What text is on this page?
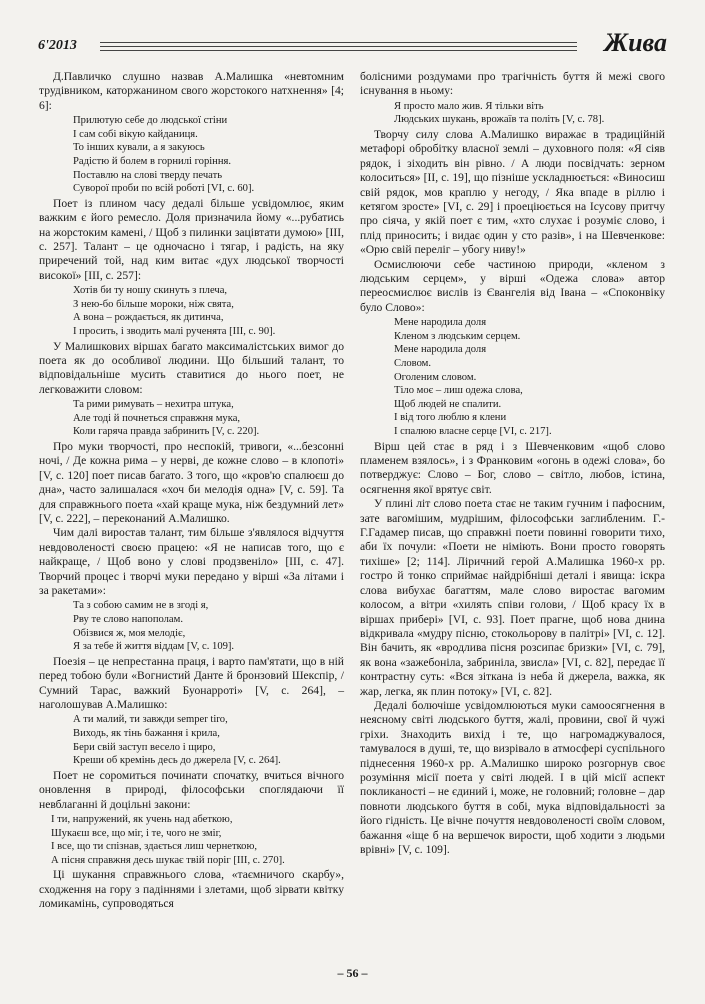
6'2013	Жива

Д.Павличко слушно назвав А.Малишка «невтомним трудівником, каторжанином свого жорстокого натхнення» [4; 6]:

Прилютую себе до людської стіни
І сам собі вікую кайданиця.
То інших кували, а я закуюсь
Радістю й болем в горнилі горіння.
Поставлю на слові тверду печать
Суворої проби по всій роботі [VI, с. 60].

Поет із плином часу дедалі більше усвідомлює, яким важким є його ремесло. Доля призначила йому «...рубатись на жорстоким камені, / Щоб з пилинки зацівтати думою» [III, с. 257]. Талант – це одночасно і тягар, і радість, на яку приречений той, над ким витає «дух людської творчості високої» [III, с. 257]:

Хотів би ту ношу скинуть з плеча,
З нею-бо більше мороки, ніж свята,
А вона – рождається, як дитинча,
І просить, і зводить малі рученята [III, с. 90].

У Малишкових віршах багато максималістських вимог до поета як до особливої людини. Що більший талант, то відповідальніше мусить ставитися до нього поет, не легковажити словом:

Та рими римувать – нехитра штука,
Але тоді й почнеться справжня мука,
Коли гаряча правда забринить [V, с. 220].

Про муки творчості, про неспокій, тривоги, «...безсонні ночі, / Де кожна рима – у нерві, де кожне слово – в клопоті» [V, с. 120] поет писав багато. З того, що «кров'ю спалюєш до дна», часто залишалася «хоч би мелодія одна» [V, с. 59]. Та для справжнього поета «хай краще мука, ніж бездумний лет» [V, с. 222], – переконаний А.Малишко.

Чим далі виростав талант, тим більше з'являлося відчуття невдоволеності своєю працею: «Я не написав того, що є найкраще, / Щоб воно у слові продзвеніло» [III, с. 47]. Творчий процес і творчі муки передано у вірші «За літами і за ракетами»:

Та з собою самим не в згоді я,
Рву те слово напополам.
Обізвися ж, моя мелодіє,
Я за тебе й життя віддам [V, с. 109].

Поезія – це непрестанна праця, і варто пам'ятати, що в ній перед тобою були «Вогнистий Данте й бронзовий Шекспір, / Сумний Тарас, важкий Буонарроті» [V, с. 264], – наголошував А.Малишко:

А ти малий, ти завжди semper tiro,
Виходь, як тінь бажання і крила,
Бери свій заступ весело і щиро,
Креши об кремінь десь до джерела [V, с. 264].

Поет не соромиться починати спочатку, вчиться вічного оновлення в природі, філософськи споглядаючи її невблаганні й доцільні закони:

І ти, напружений, як учень над абеткою,
Шукаєш все, що міг, і те, чого не зміг,
І все, що ти спізнав, здається лиш чернеткою,
А пісня справжня десь шукає твій поріг [III, с. 270].

Ці шукання справжнього слова, «таємничого скарбу», сходження на гору з падіннями і злетами, щоб зірвати квітку ломикамінь, супроводяться

болісними роздумами про трагічність буття й межі свого існування в ньому:

Я просто мало жив. Я тільки віть
Людських шукань, врожаїв та політь [V, с. 78].

Творчу силу слова А.Малишко виражає в традиційній метафорі обробітку власної землі – духовного поля: «Я сіяв рядок, і зіходить він рівно. / А люди посвідчать: зерном колоситься» [II, с. 19], що пізніше ускладнюється: «Виносиш свій рядок, мов краплю у негоду, / Яка впаде в ріллю і кетягом зросте» [VI, с. 29] і проеціюється на Ісусову притчу про сіяча, у якій поет є тим, «хто слухає і розуміє слово, і плід приносить; і видає один у сто разів», і на Шевченкове: «Орю свій переліг – убогу ниву!»

Осмислюючи себе частиною природи, «кленом з людським серцем», у вірші «Одежа слова» автор переосмислює вислів із Євангелія від Івана – «Споконвіку було Слово»:

Мене народила доля
Кленом з людським серцем.
Мене народила доля
Словом.
Оголеним словом.
Тіло моє – лиш одежа слова,
Щоб людей не спалити.
І від того люблю я клени
І спалюю власне серце [VI, с. 217].

Вірш цей стає в ряд і з Шевченковим «щоб слово пламенем взялось», і з Франковим «огонь в одежі слова», бо потверджує: Слово – Бог, слово – світло, любов, істина, осягнення якої врятує світ.

У плині літ слово поета стає не таким гучним і пафосним, зате вагомішим, мудрішим, філософськи заглибленим. Г.-Г.Гадамер писав, що справжні поети повинні говорити тихо, аби їх почули: «Поети не німіють. Вони просто говорять тихіше» [2; 114]. Ліричний герой А.Малишка 1960-х рр. гостро й тонко сприймає найдрібніші деталі і явища: іскра слова вибухає багаттям, мале слово виростає вагомим колосом, а вітри «хилять співи голови, / Щоб красу їх в віршах прибері» [VI, с. 93]. Поет прагне, щоб нова днина відкривала «мудру пісню, стокольорову в палітрі» [VI, с. 12]. Він бачить, як «вродлива пісня розсипає бризки» [VI, с. 79], як вона «зажебоніла, забриніла, звисла» [VI, с. 82], передає її контрастну суть: «Вся зіткана із неба й джерела, важка, як жар, легка, як плин потоку» [VI, с. 82].

Дедалі болючіше усвідомлюються муки самоосягнення в неясному світі людського буття, жалі, провини, свої й чужі гріхи. Знаходить вихід і те, що нагромаджувалося, тамувалося в душі, те, що визрівало в атмосфері суспільного піднесення 1960-х рр. А.Малишко широко розгорнув своє розуміння місії поета у світі людей. І в цій місії аспект покликаності – не єдиний і, може, не головний; головне – дар повноти людського буття в собі, мука відповідальності за його гідність. Це вічне почуття невдоволеності своїм словом, бажання «іще б на вершечок вирости, щоб ходити з людьми врівні» [V, с. 109].

– 56 –
